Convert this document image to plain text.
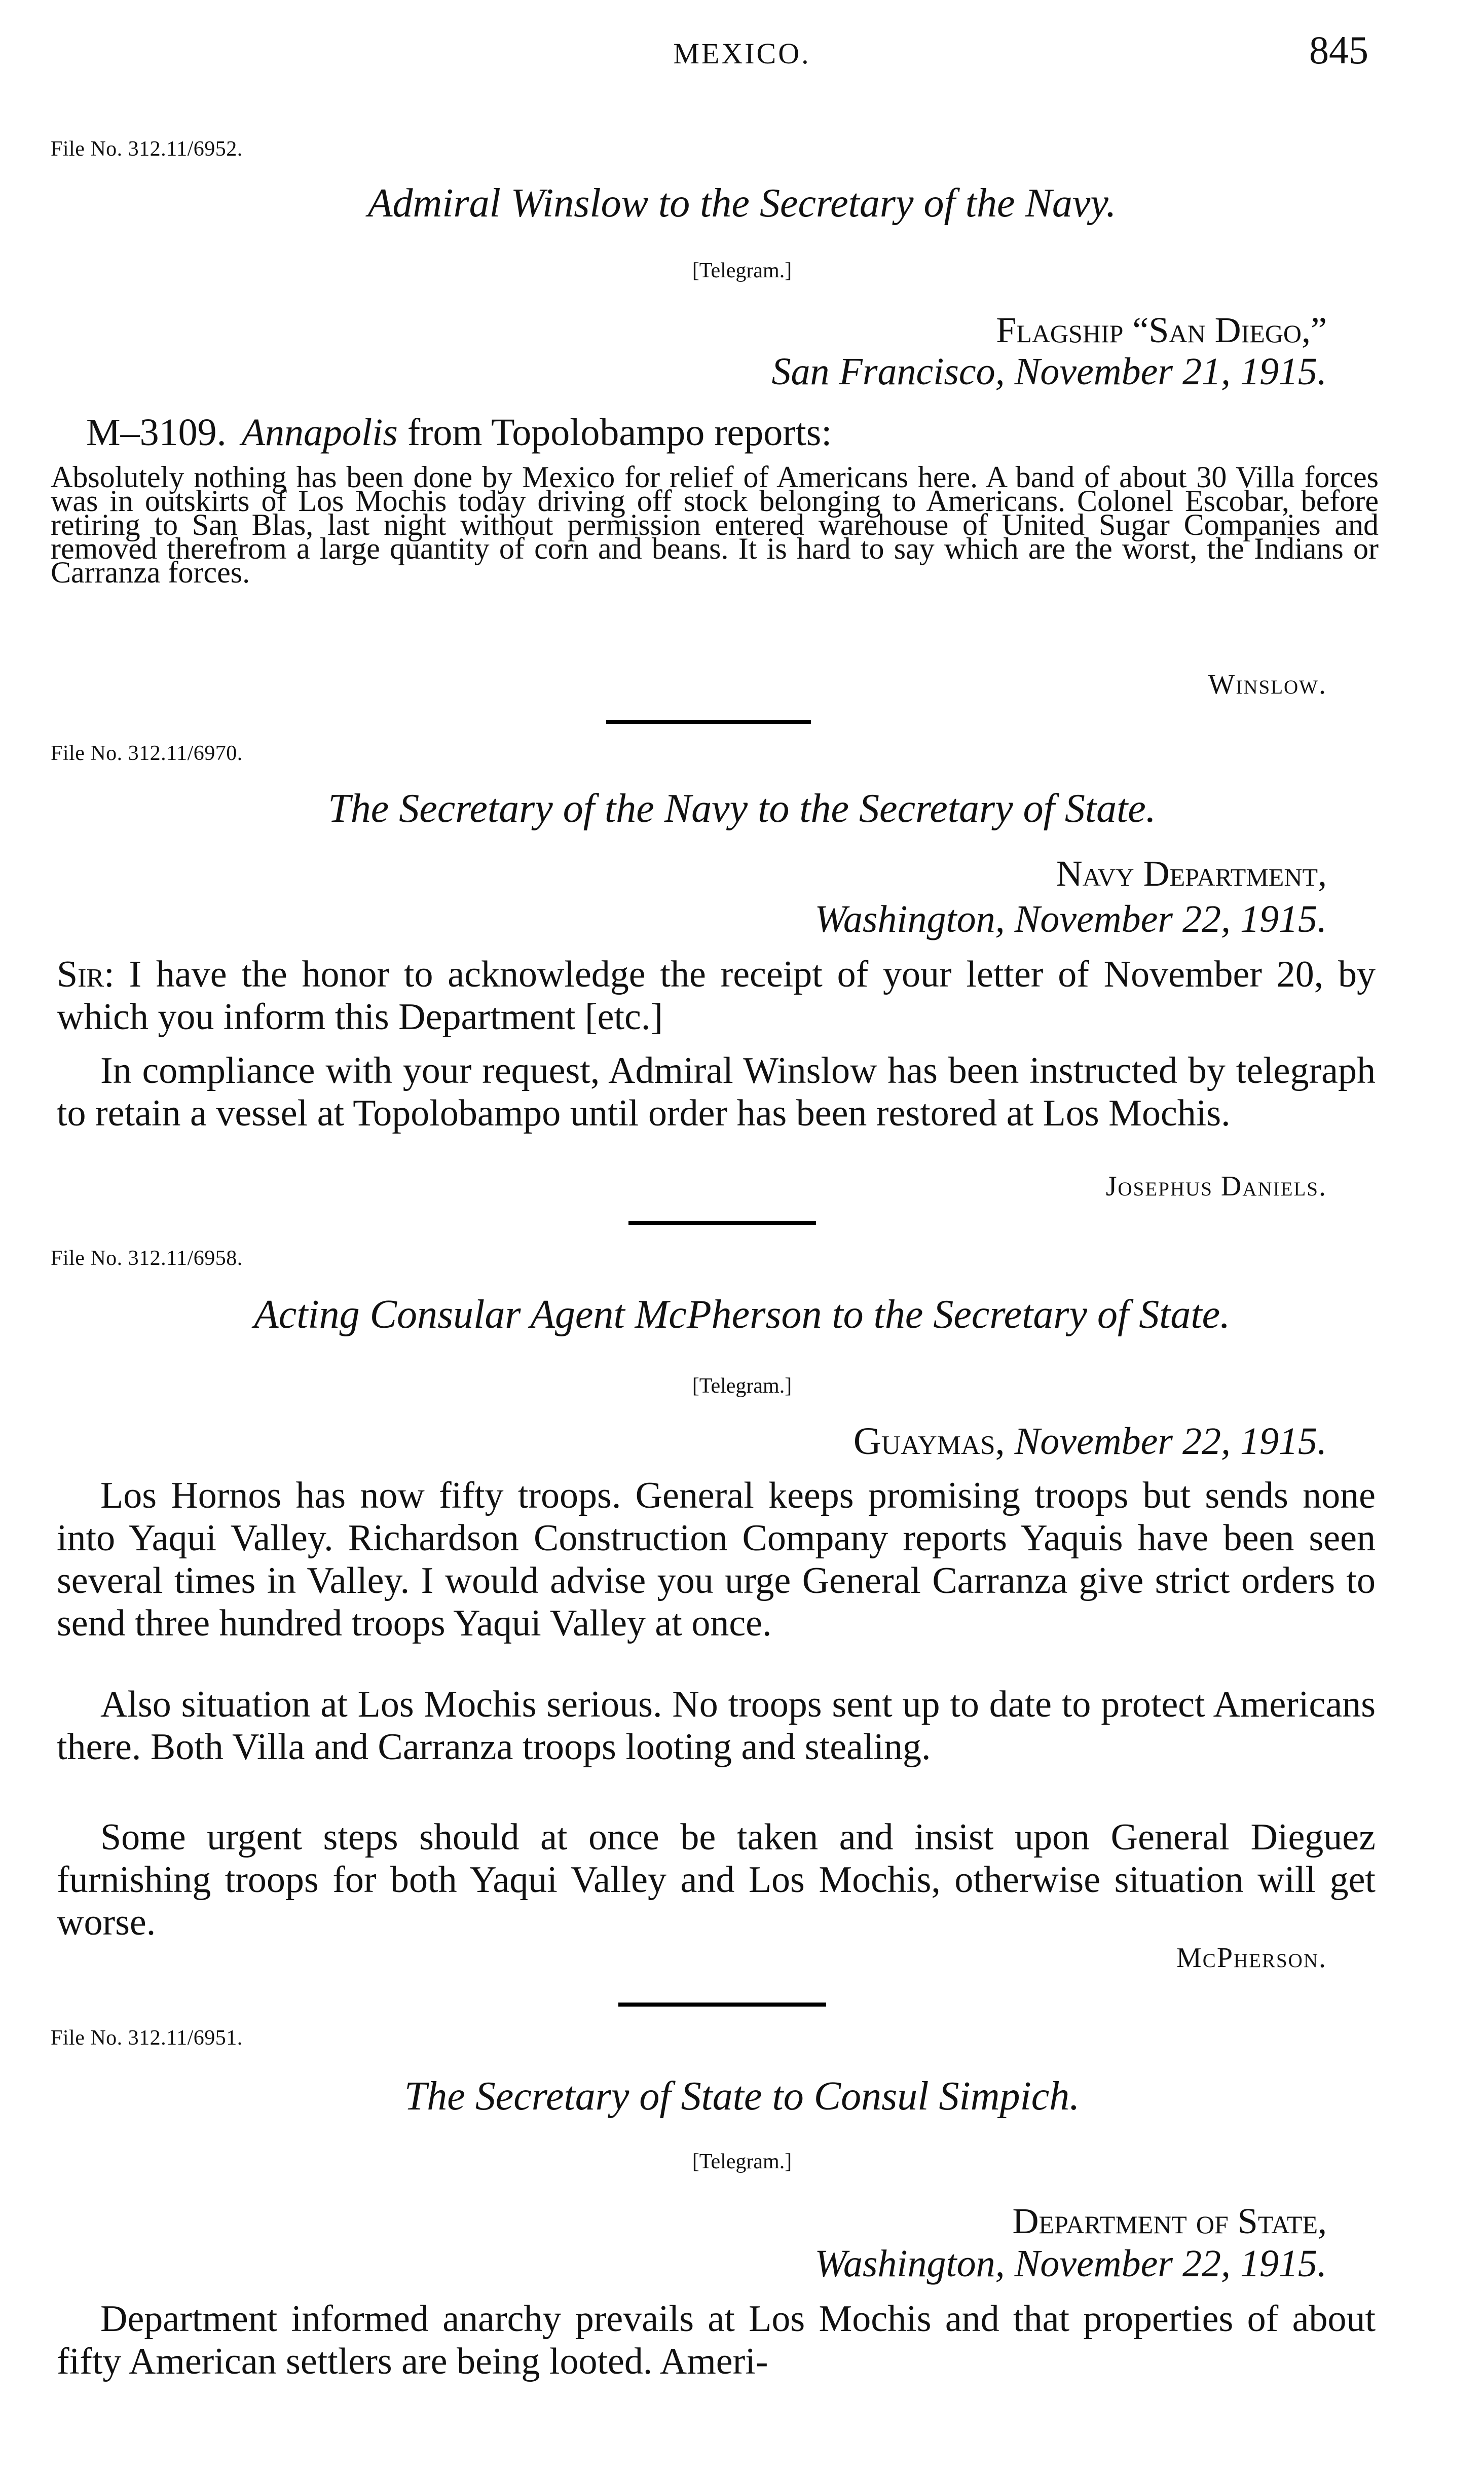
MEXICO.	845
File No. 312.11/6952.
Admiral Winslow to the Secretary of the Navy.
[Telegram.]
Flagship “San Diego,”
San Francisco, November 21, 1915.
M–3109. Annapolis from Topolobampo reports:
Absolutely nothing has been done by Mexico for relief of Americans here. A band of about 30 Villa forces was in outskirts of Los Mochis today driving off stock belonging to Americans. Colonel Escobar, before retiring to San Blas, last night without permission entered warehouse of United Sugar Companies and removed therefrom a large quantity of corn and beans. It is hard to say which are the worst, the Indians or Carranza forces.
Winslow.
File No. 312.11/6970.
The Secretary of the Navy to the Secretary of State.
Navy Department,
Washington, November 22, 1915.
Sir: I have the honor to acknowledge the receipt of your letter of November 20, by which you inform this Department [etc.]
In compliance with your request, Admiral Winslow has been instructed by telegraph to retain a vessel at Topolobampo until order has been restored at Los Mochis.
Josephus Daniels.
File No. 312.11/6958.
Acting Consular Agent McPherson to the Secretary of State.
[Telegram.]
Guaymas, November 22, 1915.
Los Hornos has now fifty troops. General keeps promising troops but sends none into Yaqui Valley. Richardson Construction Company reports Yaquis have been seen several times in Valley. I would advise you urge General Carranza give strict orders to send three hundred troops Yaqui Valley at once.
Also situation at Los Mochis serious. No troops sent up to date to protect Americans there. Both Villa and Carranza troops looting and stealing.
Some urgent steps should at once be taken and insist upon General Dieguez furnishing troops for both Yaqui Valley and Los Mochis, otherwise situation will get worse.
McPherson.
File No. 312.11/6951.
The Secretary of State to Consul Simpich.
[Telegram.]
Department of State,
Washington, November 22, 1915.
Department informed anarchy prevails at Los Mochis and that properties of about fifty American settlers are being looted. Ameri-
